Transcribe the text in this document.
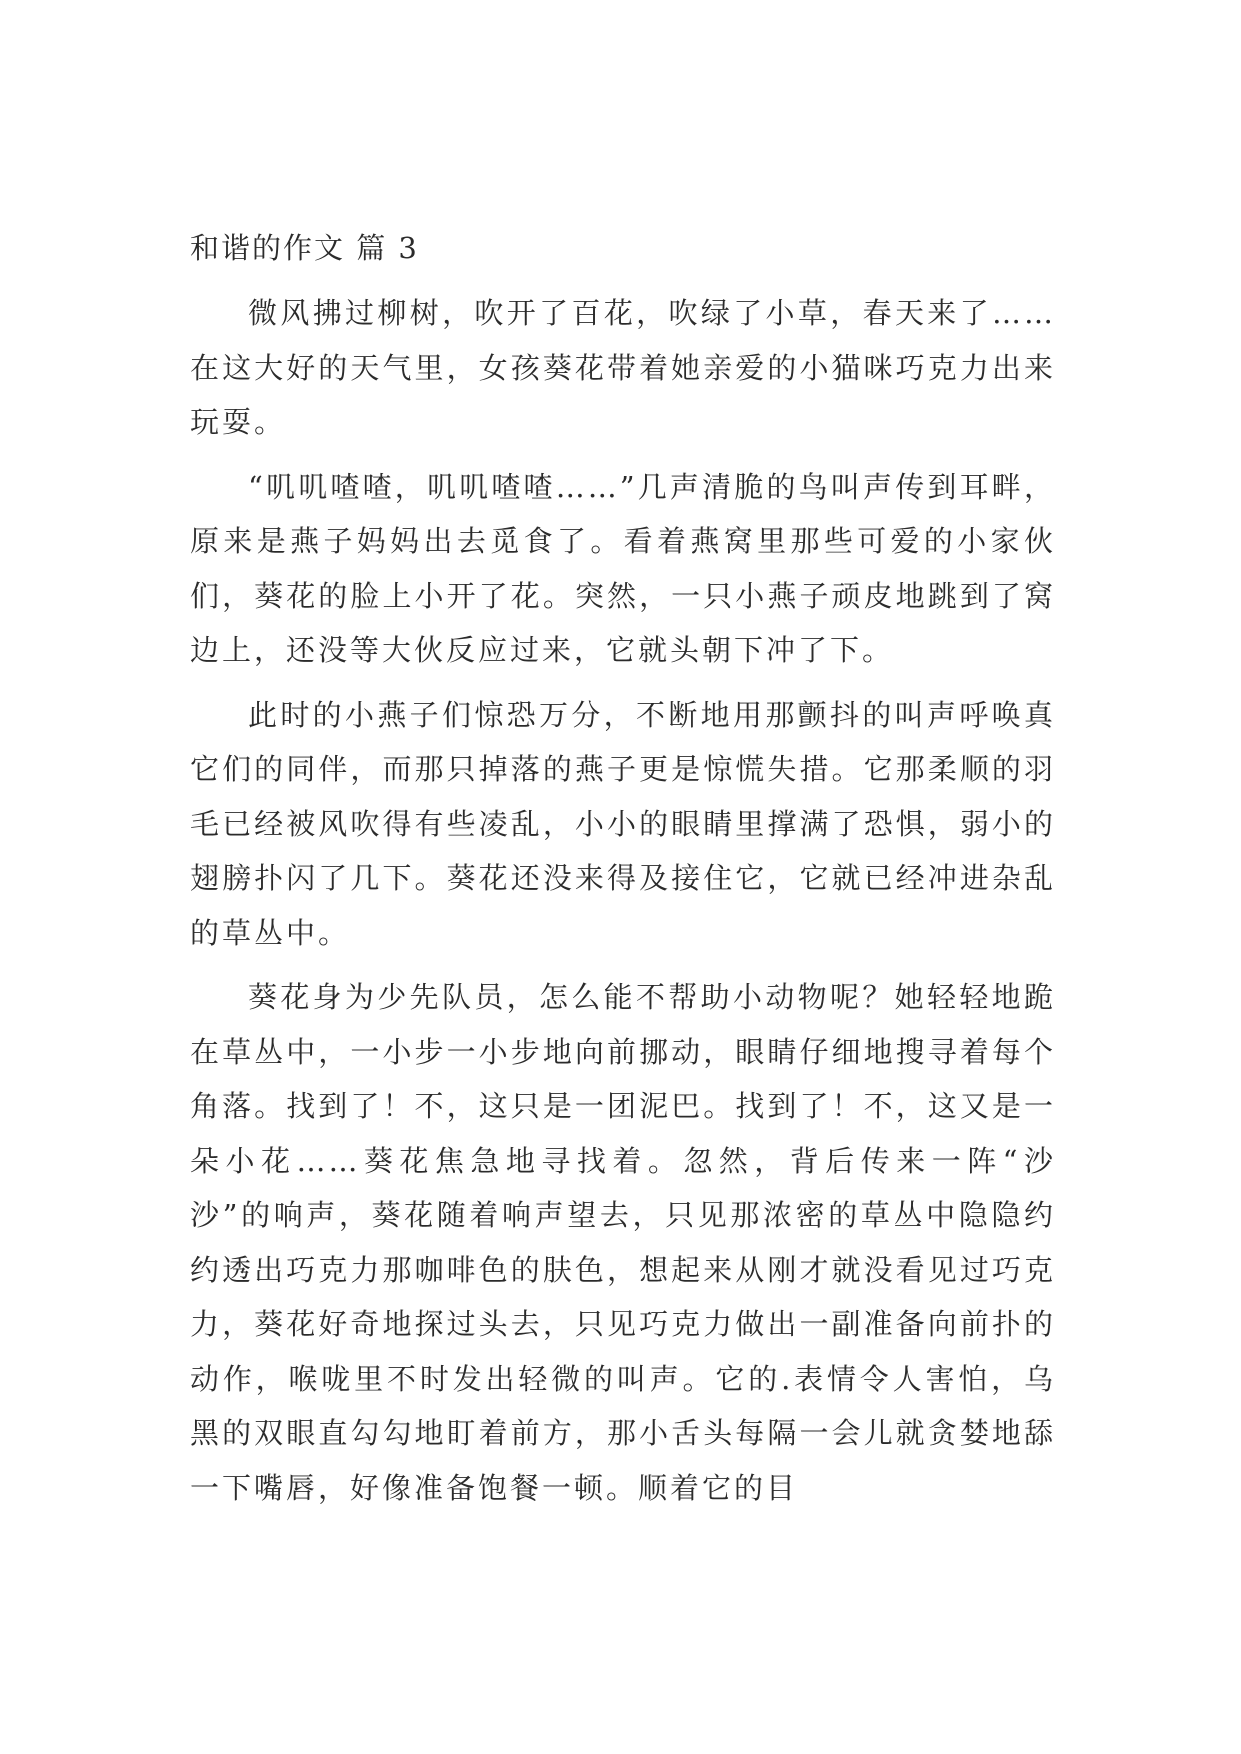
和谐的作文 篇 3

微风拂过柳树，吹开了百花，吹绿了小草，春天来了……在这大好的天气里，女孩葵花带着她亲爱的小猫咪巧克力出来玩耍。

“叽叽喳喳，叽叽喳喳……”几声清脆的鸟叫声传到耳畔，原来是燕子妈妈出去觅食了。看着燕窝里那些可爱的小家伙们，葵花的脸上小开了花。突然，一只小燕子顽皮地跳到了窝边上，还没等大伙反应过来，它就头朝下冲了下。

此时的小燕子们惊恐万分，不断地用那颤抖的叫声呼唤真它们的同伴，而那只掉落的燕子更是惊慌失措。它那柔顺的羽毛已经被风吹得有些凌乱，小小的眼睛里撑满了恐惧，弱小的翅膀扑闪了几下。葵花还没来得及接住它，它就已经冲进杂乱的草丛中。

葵花身为少先队员，怎么能不帮助小动物呢？她轻轻地跪在草丛中，一小步一小步地向前挪动，眼睛仔细地搜寻着每个角落。找到了！不，这只是一团泥巴。找到了！不，这又是一朵小花……葵花焦急地寻找着。忽然，背后传来一阵“沙沙”的响声，葵花随着响声望去，只见那浓密的草丛中隐隐约约透出巧克力那咖啡色的肤色，想起来从刚才就没看见过巧克力，葵花好奇地探过头去，只见巧克力做出一副准备向前扑的动作，喉咙里不时发出轻微的叫声。它的.表情令人害怕，乌黑的双眼直勾勾地盯着前方，那小舌头每隔一会儿就贪婪地舔一下嘴唇，好像准备饱餐一顿。顺着它的目
